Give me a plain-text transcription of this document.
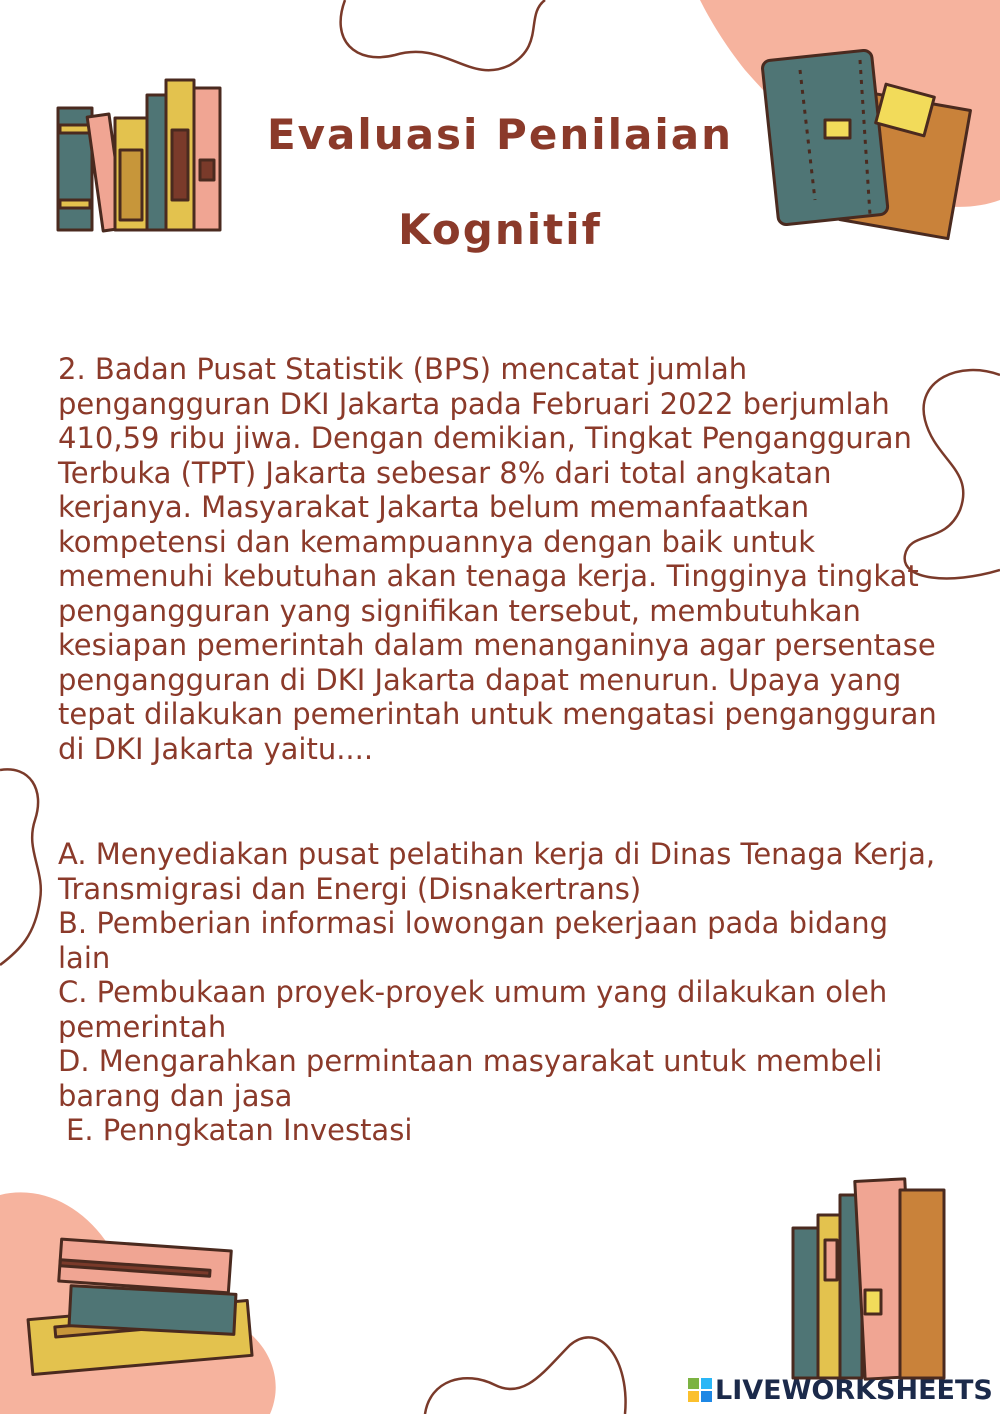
Evaluasi Penilaian
Kognitif

2. Badan Pusat Statistik (BPS) mencatat jumlah pengangguran DKI Jakarta pada Februari 2022 berjumlah 410,59 ribu jiwa. Dengan demikian, Tingkat Pengangguran Terbuka (TPT) Jakarta sebesar 8% dari total angkatan kerjanya. Masyarakat Jakarta belum memanfaatkan kompetensi dan kemampuannya dengan baik untuk memenuhi kebutuhan akan tenaga kerja. Tingginya tingkat pengangguran yang signifikan tersebut, membutuhkan kesiapan pemerintah dalam menanganinya agar persentase pengangguran di DKI Jakarta dapat menurun. Upaya yang tepat dilakukan pemerintah untuk mengatasi pengangguran di DKI Jakarta yaitu....

A. Menyediakan pusat pelatihan kerja di Dinas Tenaga Kerja, Transmigrasi dan Energi (Disnakertrans)
B. Pemberian informasi lowongan pekerjaan pada bidang lain
C. Pembukaan proyek-proyek umum yang dilakukan oleh pemerintah
D. Mengarahkan permintaan masyarakat untuk membeli barang dan jasa
E. Penngkatan Investasi
LIVEWORKSHEETS
